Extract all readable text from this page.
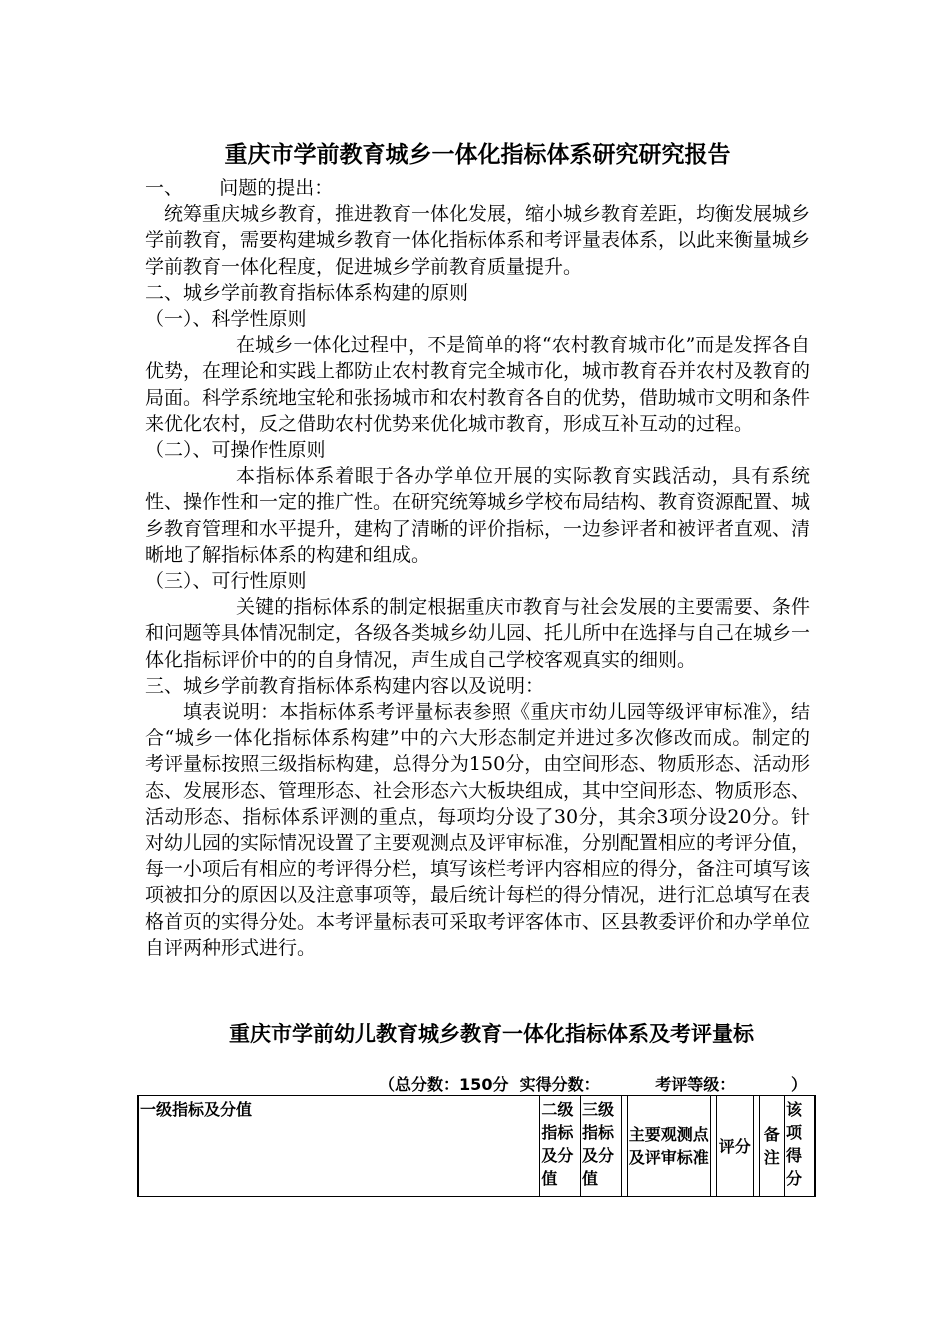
重庆市学前教育城乡一体化指标体系研究研究报告

一、      问题的提出：

统筹重庆城乡教育，推进教育一体化发展，缩小城乡教育差距，均衡发展城乡学前教育，需要构建城乡教育一体化指标体系和考评量表体系，以此来衡量城乡学前教育一体化程度，促进城乡学前教育质量提升。

二、城乡学前教育指标体系构建的原则

（一）、科学性原则

在城乡一体化过程中，不是简单的将“农村教育城市化”而是发挥各自优势，在理论和实践上都防止农村教育完全城市化，城市教育吞并农村及教育的局面。科学系统地宝轮和张扬城市和农村教育各自的优势，借助城市文明和条件来优化农村，反之借助农村优势来优化城市教育，形成互补互动的过程。

（二）、可操作性原则

本指标体系着眼于各办学单位开展的实际教育实践活动，具有系统性、操作性和一定的推广性。在研究统筹城乡学校布局结构、教育资源配置、城乡教育管理和水平提升，建构了清晰的评价指标，一边参评者和被评者直观、清晰地了解指标体系的构建和组成。

（三）、可行性原则

关键的指标体系的制定根据重庆市教育与社会发展的主要需要、条件和问题等具体情况制定，各级各类城乡幼儿园、托儿所中在选择与自己在城乡一体化指标评价中的的自身情况，声生成自己学校客观真实的细则。

三、城乡学前教育指标体系构建内容以及说明：

填表说明：本指标体系考评量标表参照《重庆市幼儿园等级评审标准》，结合“城乡一体化指标体系构建”中的六大形态制定并进过多次修改而成。制定的考评量标按照三级指标构建，总得分为150分，由空间形态、物质形态、活动形态、发展形态、管理形态、社会形态六大板块组成，其中空间形态、物质形态、活动形态、指标体系评测的重点，每项均分设了30分，其余3项分设20分。针对幼儿园的实际情况设置了主要观测点及评审标准，分别配置相应的考评分值，每一小项后有相应的考评得分栏，填写该栏考评内容相应的得分，备注可填写该项被扣分的原因以及注意事项等，最后统计每栏的得分情况，进行汇总填写在表格首页的实得分处。本考评量标表可采取考评客体市、区县教委评价和办学单位自评两种形式进行。

重庆市学前幼儿教育城乡教育一体化指标体系及考评量标
（总分数：150分  实得分数：          考评等级：          ）
一级指标及分值	二级指标及分值	三级指标及分值		主要观测点及评审标准		评分		备注	该项得分
